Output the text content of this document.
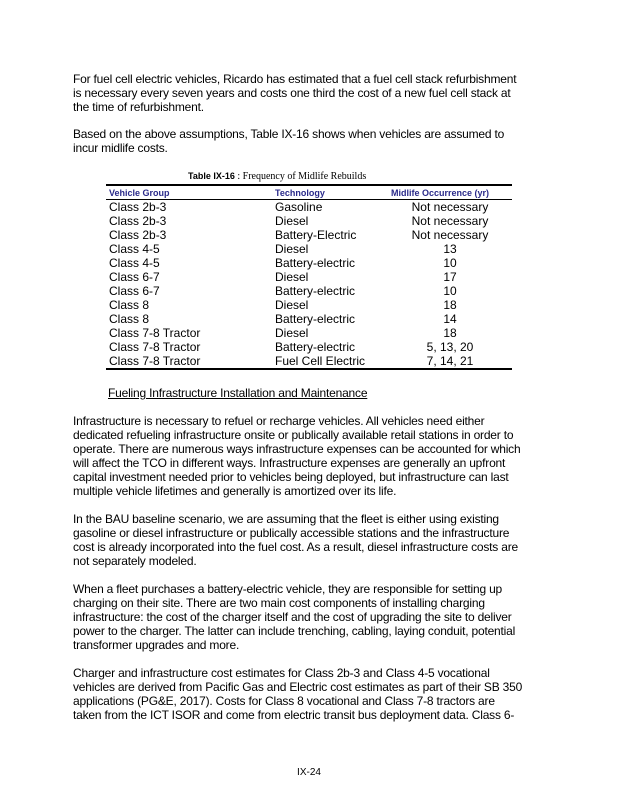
For fuel cell electric vehicles, Ricardo has estimated that a fuel cell stack refurbishment
is necessary every seven years and costs one third the cost of a new fuel cell stack at
the time of refurbishment.
Based on the above assumptions, Table IX-16 shows when vehicles are assumed to
incur midlife costs.
Table IX-16 : Frequency of Midlife Rebuilds
Vehicle Group	Technology	Midlife Occurrence (yr)
Class 2b-3	Gasoline	Not necessary
Class 2b-3	Diesel	Not necessary
Class 2b-3	Battery-Electric	Not necessary
Class 4-5	Diesel	13
Class 4-5	Battery-electric	10
Class 6-7	Diesel	17
Class 6-7	Battery-electric	10
Class 8	Diesel	18
Class 8	Battery-electric	14
Class 7-8 Tractor	Diesel	18
Class 7-8 Tractor	Battery-electric	5, 13, 20
Class 7-8 Tractor	Fuel Cell Electric	7, 14, 21
Fueling Infrastructure Installation and Maintenance
Infrastructure is necessary to refuel or recharge vehicles. All vehicles need either
dedicated refueling infrastructure onsite or publically available retail stations in order to
operate. There are numerous ways infrastructure expenses can be accounted for which
will affect the TCO in different ways. Infrastructure expenses are generally an upfront
capital investment needed prior to vehicles being deployed, but infrastructure can last
multiple vehicle lifetimes and generally is amortized over its life.
In the BAU baseline scenario, we are assuming that the fleet is either using existing
gasoline or diesel infrastructure or publically accessible stations and the infrastructure
cost is already incorporated into the fuel cost. As a result, diesel infrastructure costs are
not separately modeled.
When a fleet purchases a battery-electric vehicle, they are responsible for setting up
charging on their site. There are two main cost components of installing charging
infrastructure: the cost of the charger itself and the cost of upgrading the site to deliver
power to the charger. The latter can include trenching, cabling, laying conduit, potential
transformer upgrades and more.
Charger and infrastructure cost estimates for Class 2b-3 and Class 4-5 vocational
vehicles are derived from Pacific Gas and Electric cost estimates as part of their SB 350
applications (PG&E, 2017). Costs for Class 8 vocational and Class 7-8 tractors are
taken from the ICT ISOR and come from electric transit bus deployment data. Class 6-
IX-24
